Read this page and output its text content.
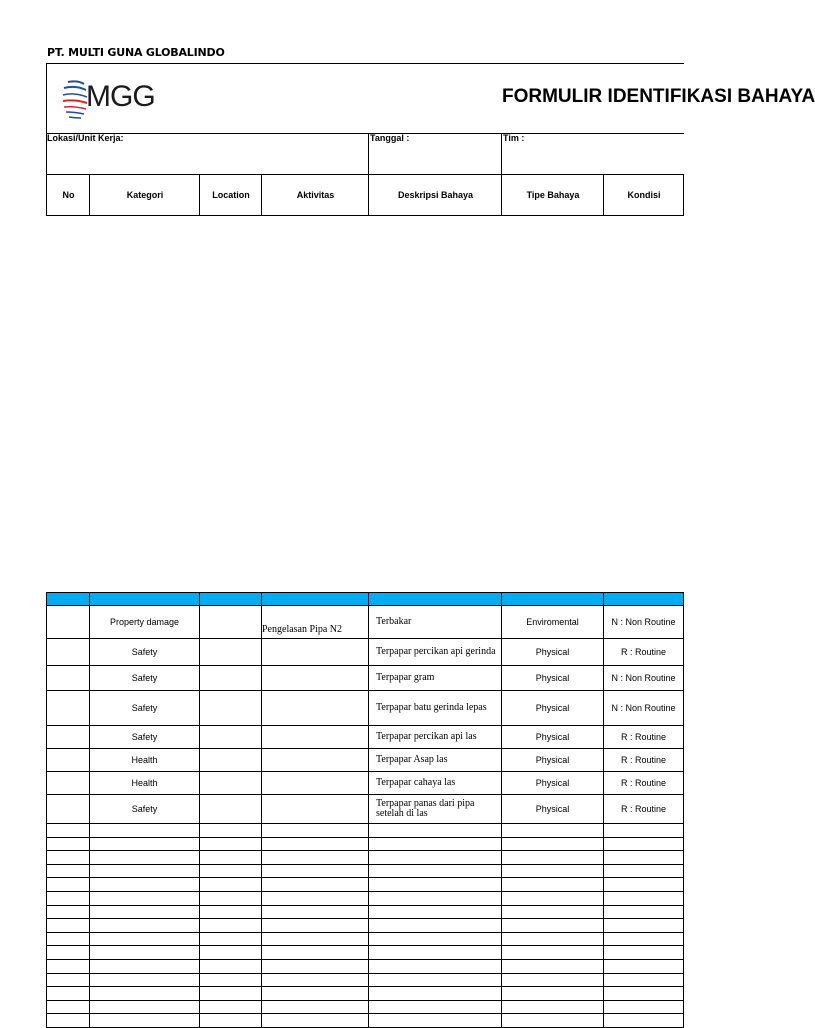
PT. MULTI GUNA GLOBALINDO
MGG	FORMULIR IDENTIFIKASI BAHAYA
Lokasi/Unit Kerja:	Tanggal :	Tim :
No	Kategori	Location	Aktivitas	Deskripsi Bahaya	Tipe Bahaya	Kondisi

	Property damage		Pengelasan Pipa N2	Terbakar	Enviromental	N : Non Routine
	Safety			Terpapar percikan api gerinda	Physical	R : Routine
	Safety			Terpapar gram	Physical	N : Non Routine
	Safety			Terpapar batu gerinda lepas	Physical	N : Non Routine
	Safety			Terpapar percikan api las	Physical	R : Routine
	Health			Terpapar Asap las	Physical	R : Routine
	Health			Terpapar cahaya las	Physical	R : Routine
	Safety			Terpapar panas dari pipa setelah di las	Physical	R : Routine
